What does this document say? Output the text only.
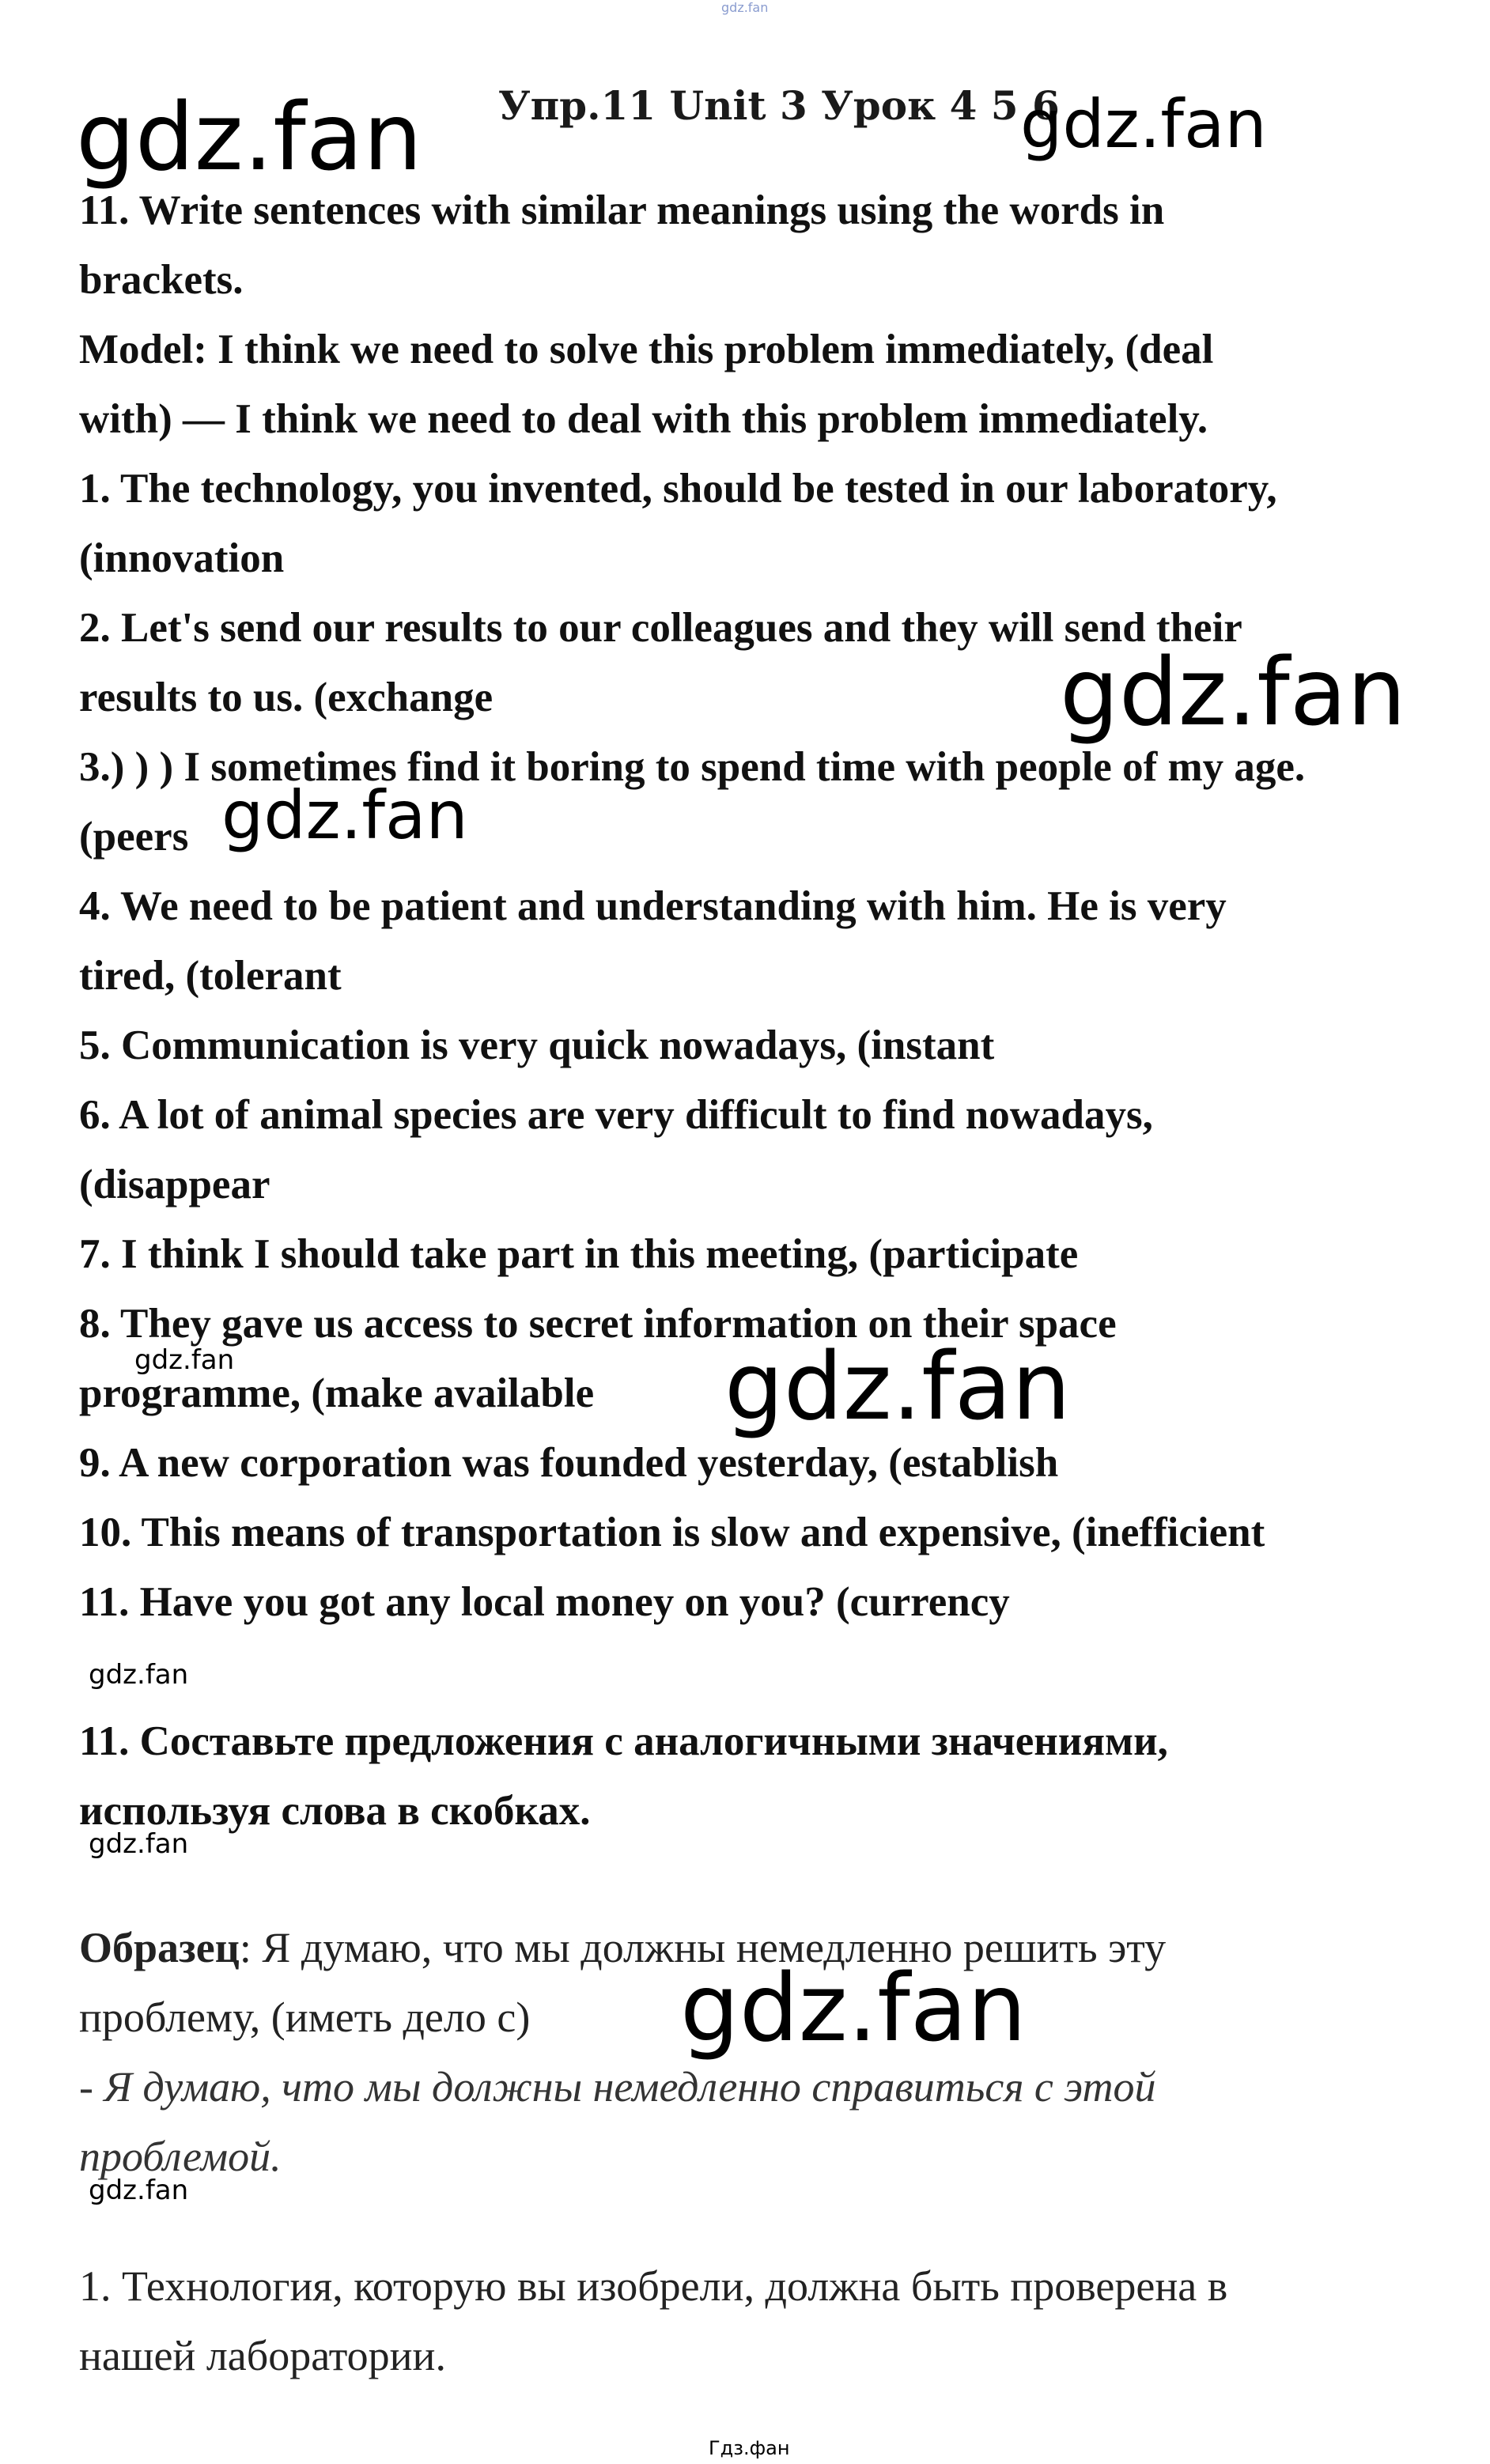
gdz.fan
gdz.fan Упр.11 Unit 3 Урок 4 5 6
gdz.fan
11. Write sentences with similar meanings using the words in
brackets.
Model: I think we need to solve this problem immediately, (deal
with) — I think we need to deal with this problem immediately.
1. The technology, you invented, should be tested in our laboratory,
(innovation
2. Let's send our results to our colleagues and they will send their
results to us. (exchange	gdz.fan
3.) ) ) I sometimes find it boring to spend time with people of my age.
(peers gdz.fan
4. We need to be patient and understanding with him. He is very
tired, (tolerant
5. Communication is very quick nowadays, (instant
6. A lot of animal species are very difficult to find nowadays,
(disappear
7. I think I should take part in this meeting, (participate
8. They gave us access to secret information on their space
programme, (make available
gdz.fan	gdz.fan
9. A new corporation was founded yesterday, (establish
10. This means of transportation is slow and expensive, (inefficient
11. Have you got any local money on you? (currency
gdz.fan
11. Составьте предложения с аналогичными значениями,
используя слова в скобках.
gdz.fan
Образец: Я думаю, что мы должны немедленно решить эту
проблему, (иметь дело с) gdz.fan
- Я думаю, что мы должны немедленно справиться с этой
проблемой.
gdz.fan
1. Технология, которую вы изобрели, должна быть проверена в
нашей лаборатории.
Гдз.фан
